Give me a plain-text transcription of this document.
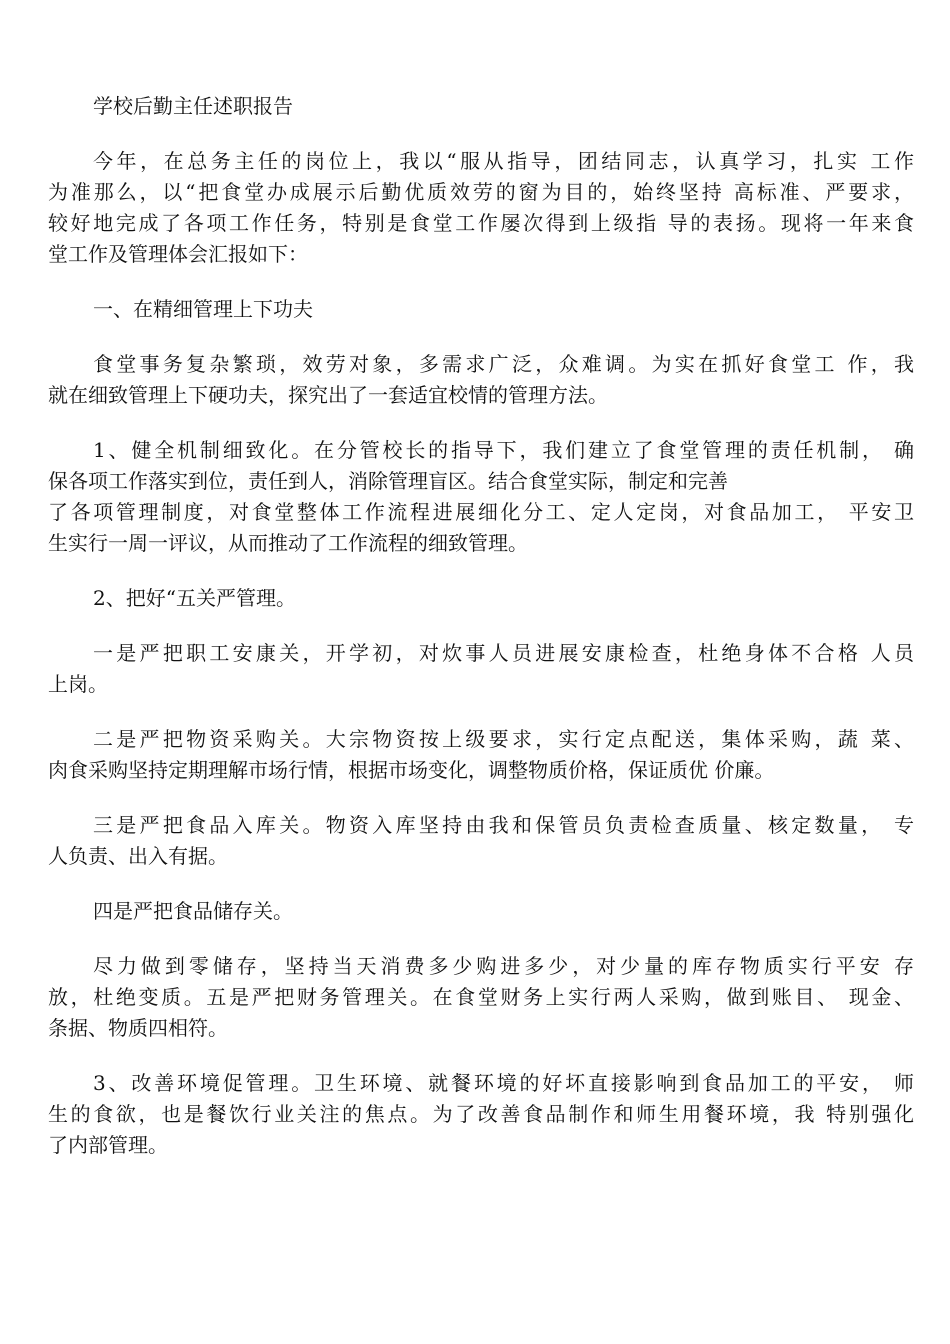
学校后勤主任述职报告
今年，在总务主任的岗位上，我以“服从指导，团结同志，认真学习，扎实 工作
为准那么，以“把食堂办成展示后勤优质效劳的窗为目的，始终坚持 高标准、严要求，
较好地完成了各项工作任务，特别是食堂工作屡次得到上级指 导的表扬。现将一年来食
堂工作及管理体会汇报如下：
一、在精细管理上下功夫
食堂事务复杂繁琐，效劳对象，多需求广泛，众难调。为实在抓好食堂工 作，我
就在细致管理上下硬功夫，探究出了一套适宜校情的管理方法。
1、健全机制细致化。在分管校长的指导下，我们建立了食堂管理的责任机制， 确
保各项工作落实到位，责任到人，消除管理盲区。结合食堂实际，制定和完善
了各项管理制度，对食堂整体工作流程进展细化分工、定人定岗，对食品加工， 平安卫
生实行一周一评议，从而推动了工作流程的细致管理。
2、把好“五关严管理。
一是严把职工安康关，开学初，对炊事人员进展安康检查，杜绝身体不合格 人员
上岗。
二是严把物资采购关。大宗物资按上级要求，实行定点配送，集体采购，蔬 菜、
肉食采购坚持定期理解市场行情，根据市场变化，调整物质价格，保证质优 价廉。
三是严把食品入库关。物资入库坚持由我和保管员负责检查质量、核定数量， 专
人负责、出入有据。
四是严把食品储存关。
尽力做到零储存，坚持当天消费多少购进多少，对少量的库存物质实行平安 存
放，杜绝变质。五是严把财务管理关。在食堂财务上实行两人采购，做到账目、 现金、
条据、物质四相符。
3、改善环境促管理。卫生环境、就餐环境的好坏直接影响到食品加工的平安， 师
生的食欲，也是餐饮行业关注的焦点。为了改善食品制作和师生用餐环境，我 特别强化
了内部管理。
